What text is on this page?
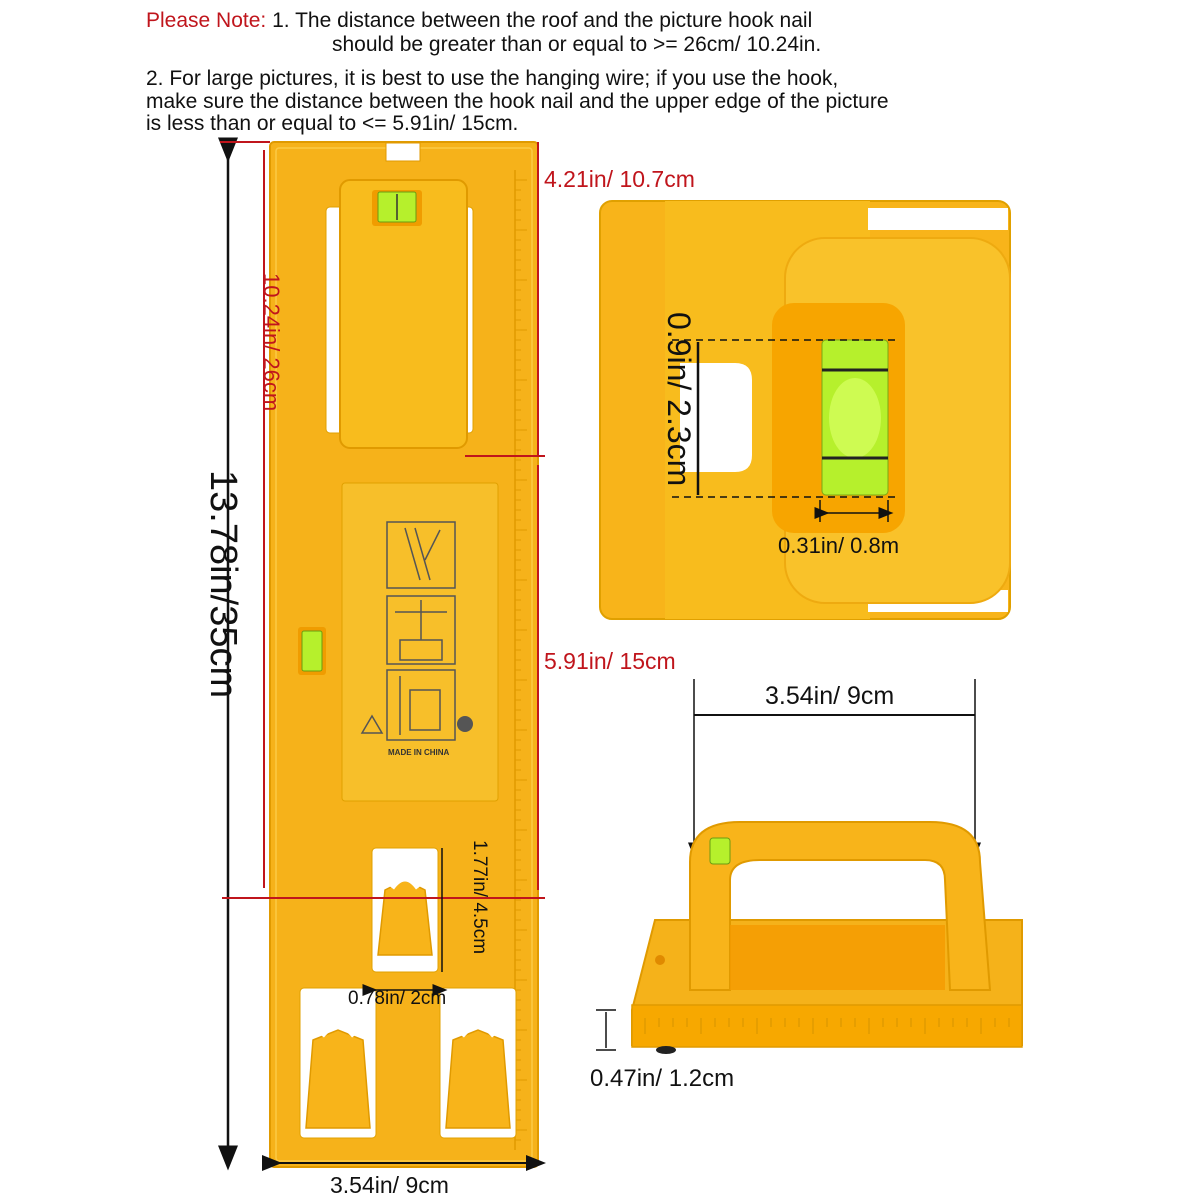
Please Note: 1. The distance between the roof and the picture hook nail
should be greater than or equal to >= 26cm/ 10.24in.
2. For large pictures, it is best to use the hanging wire; if you use the hook,
make sure the distance between the hook nail and the upper edge of the picture
is less than or equal to <= 5.91in/ 15cm.
13.78in/35cm
10.24in/ 26cm
4.21in/ 10.7cm
5.91in/ 15cm
1.77in/ 4.5cm
0.78in/ 2cm
3.54in/ 9cm
0.9in/ 2.3cm
0.31in/ 0.8m
3.54in/ 9cm
0.47in/ 1.2cm
MADE IN CHINA
